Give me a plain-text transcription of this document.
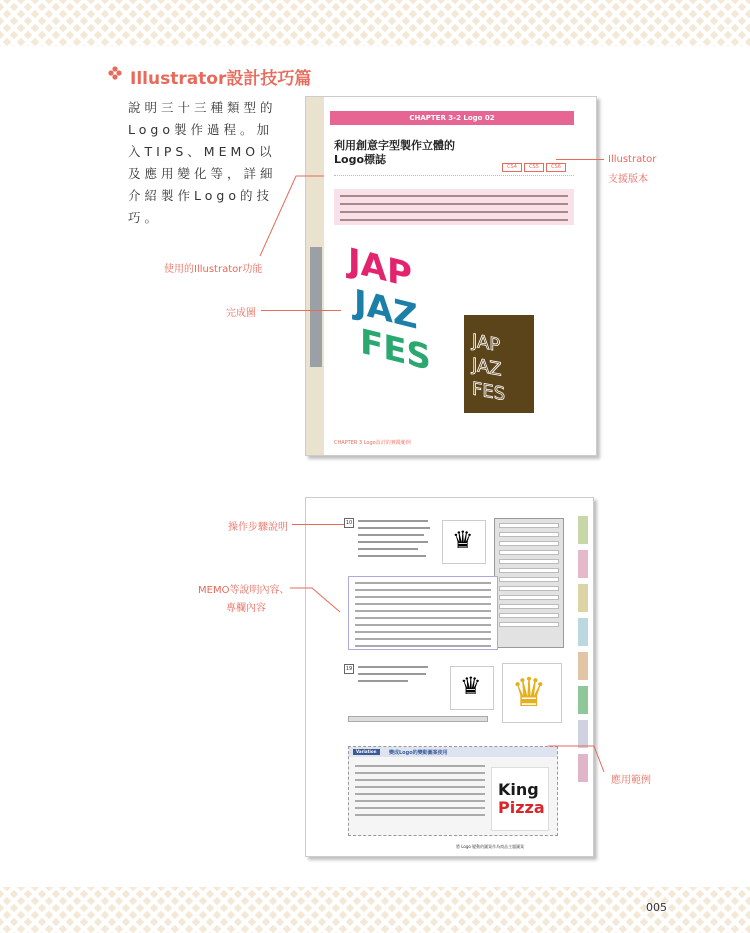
Illustrator設計技巧篇
說明三十三種類型的Logo製作過程。加入TIPS、MEMO以及應用變化等，詳細介紹製作Logo的技巧。
CHAPTER 3-2 Logo 02
利用創意字型製作立體的Logo標誌
CS4 CS5 CS6
JAP
JAZ
FES JAP
JAZ
FES
CHAPTER 3 Logo設計的實踐範例
使用的Illustrator功能
完成圖
Illustrator
支援版本
10
♛
19
♛ ♛
Variation	變成Logo的變動圖案使用
King
Pizza
將 Logo 變動的圖案作為商品主題圖案
操作步驟說明
MEMO等說明內容、
專欄內容
應用範例
005
